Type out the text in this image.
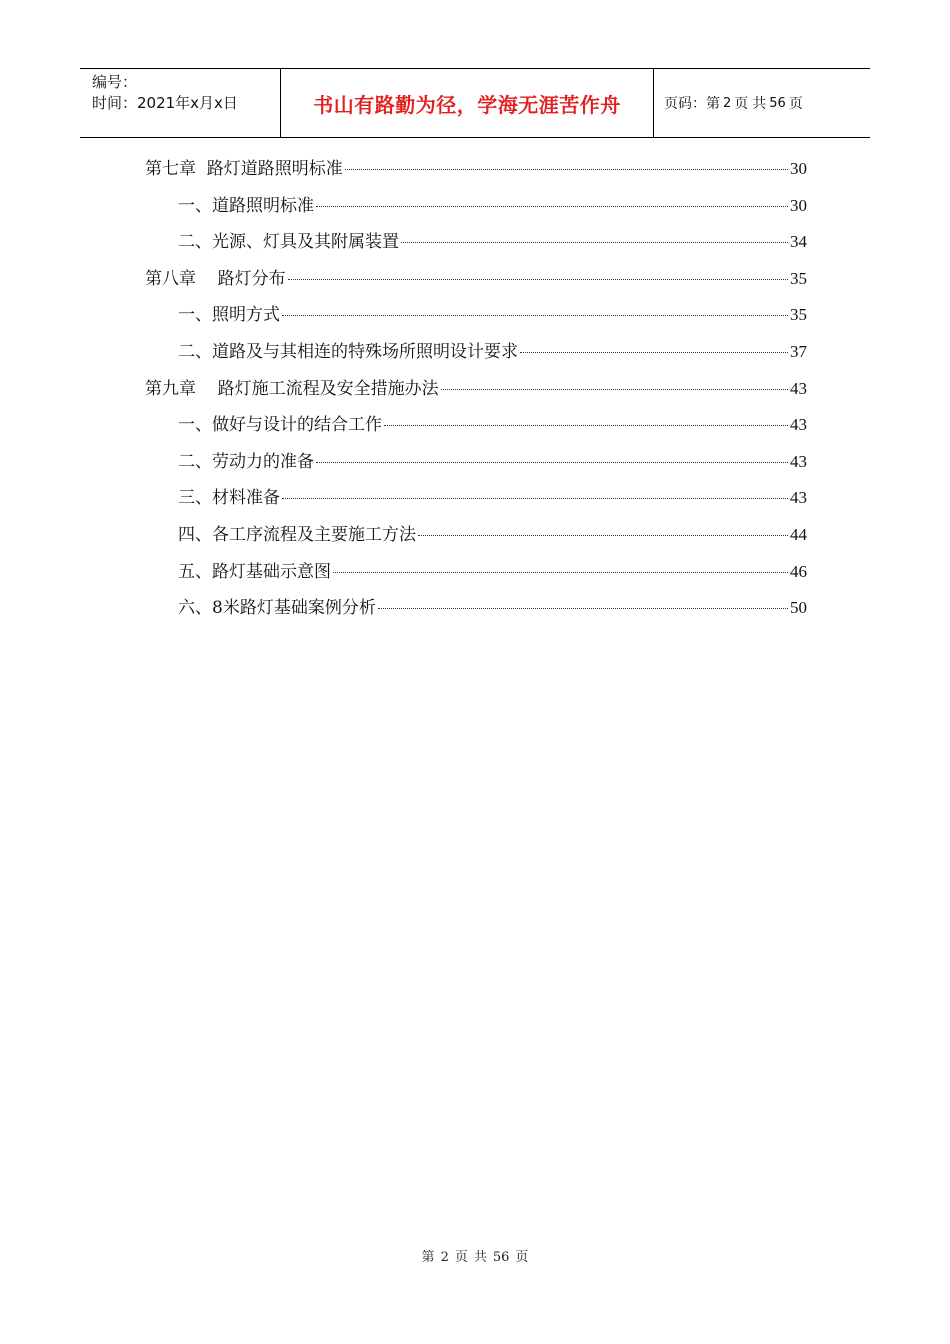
编号：
时间：2021年x月x日	书山有路勤为径，学海无涯苦作舟	页码：第 2 页 共 56 页
第七章  路灯道路照明标准	30
一、道路照明标准	30
二、光源、灯具及其附属装置	34
第八章    路灯分布	35
一、照明方式	35
二、道路及与其相连的特殊场所照明设计要求	37
第九章    路灯施工流程及安全措施办法	43
一、做好与设计的结合工作	43
二、劳动力的准备	43
三、材料准备	43
四、各工序流程及主要施工方法	44
五、路灯基础示意图	46
六、8米路灯基础案例分析	50
第 2 页 共 56 页
